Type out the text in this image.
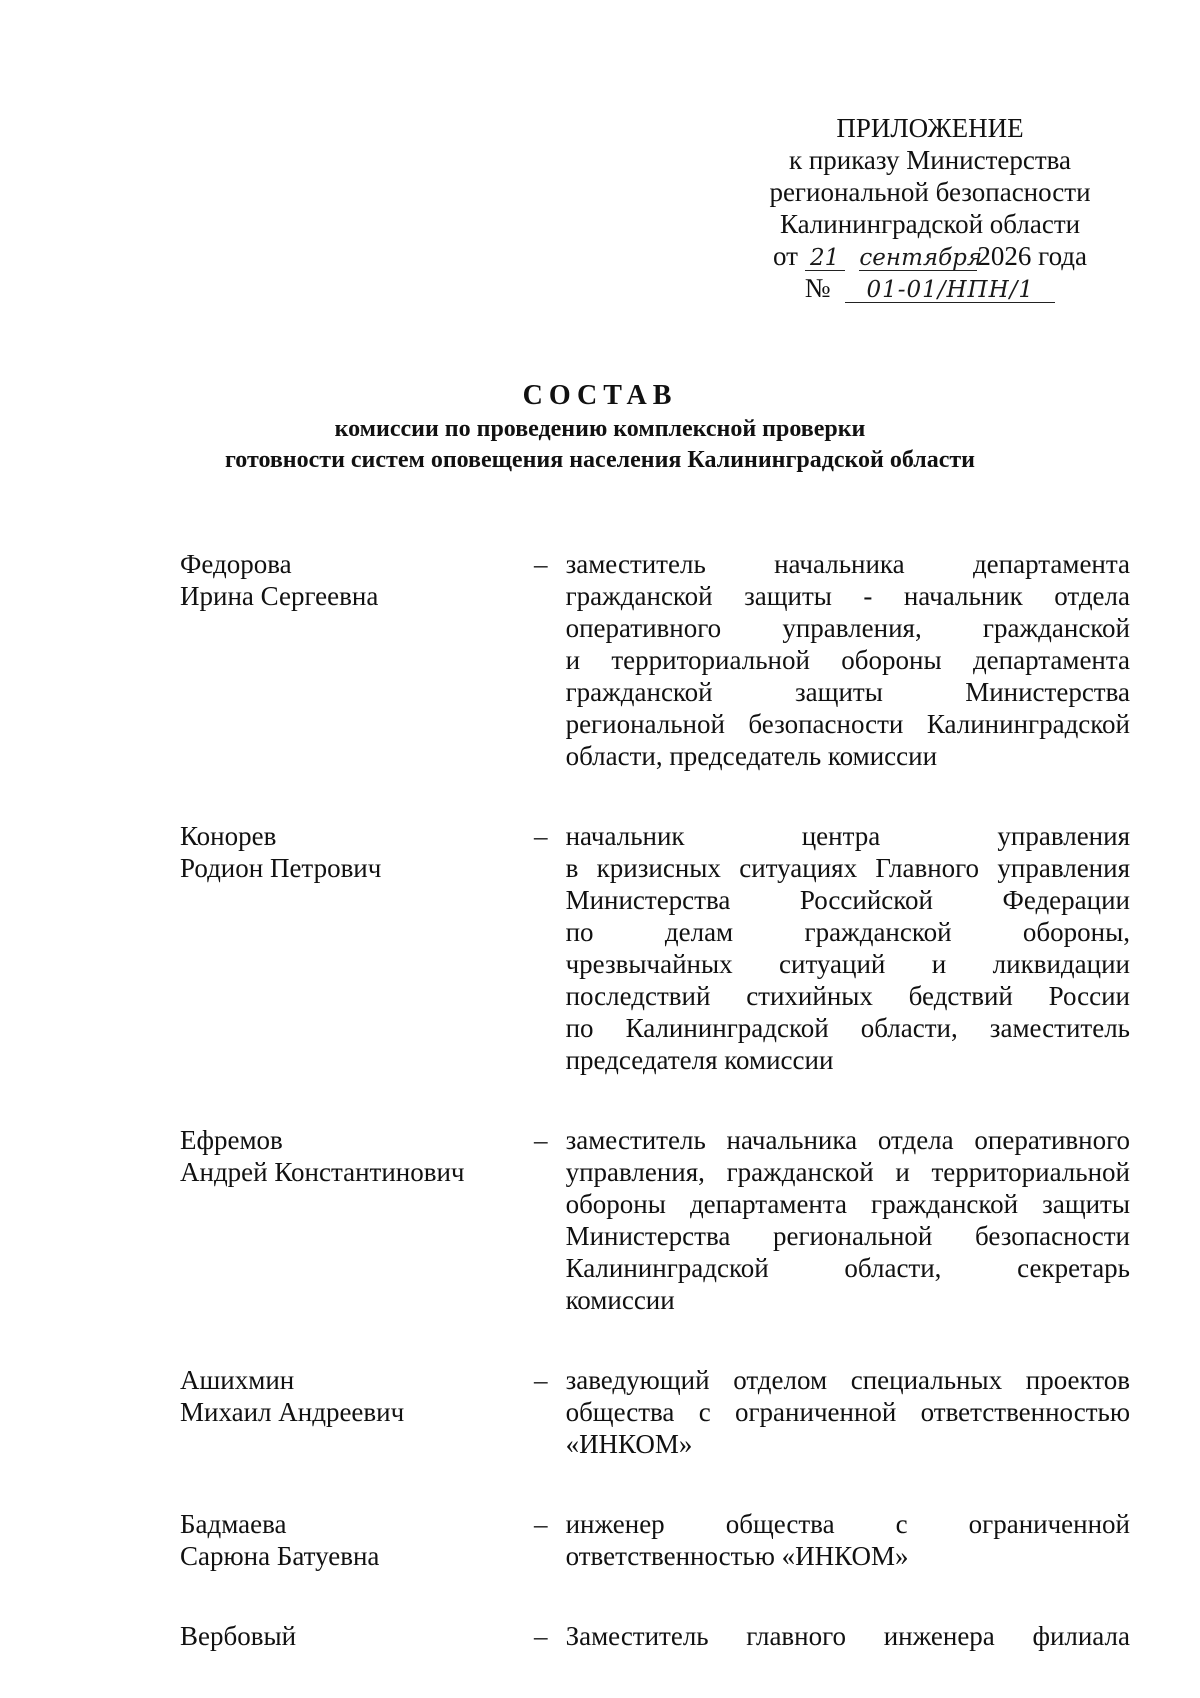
ПРИЛОЖЕНИЕ
к приказу Министерства
региональной безопасности
Калининградской области
от 21 сентября2026 года
№ 01-01/НПН/1
СОСТАВ
комиссии по проведению комплексной проверки
готовности систем оповещения населения Калининградской области
Федорова
Ирина Сергеевна
– заместитель начальника департамента
гражданской защиты - начальник отдела
оперативного управления, гражданской
и территориальной обороны департамента
гражданской защиты Министерства
региональной безопасности Калининградской
области, председатель комиссии
Конорев
Родион Петрович
– начальник центра управления
в кризисных ситуациях Главного управления
Министерства Российской Федерации
по делам гражданской обороны,
чрезвычайных ситуаций и ликвидации
последствий стихийных бедствий России
по Калининградской области, заместитель
председателя комиссии
Ефремов
Андрей Константинович
– заместитель начальника отдела оперативного
управления, гражданской и территориальной
обороны департамента гражданской защиты
Министерства региональной безопасности
Калининградской области, секретарь
комиссии
Ашихмин
Михаил Андреевич
– заведующий отделом специальных проектов
общества с ограниченной ответственностью
«ИНКОМ»
Бадмаева
Сарюна Батуевна
– инженер общества с ограниченной
ответственностью «ИНКОМ»
Вербовый	– Заместитель главного инженера филиала
